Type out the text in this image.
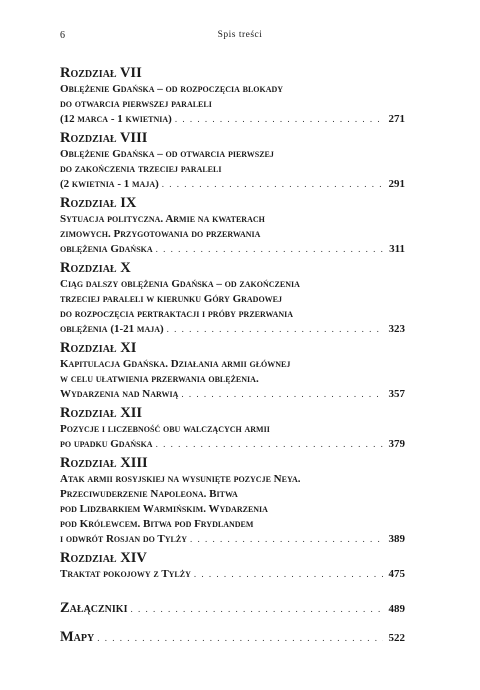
6	Spis treści
Rozdział VII
Oblężenie Gdańska – od rozpoczęcia blokady
do otwarcia pierwszej paraleli
(12 marca - 1 kwietnia) . . .	271
Rozdział VIII
Oblężenie Gdańska – od otwarcia pierwszej
do zakończenia trzeciej paraleli
(2 kwietnia - 1 maja) . . .	291
Rozdział IX
Sytuacja polityczna. Armie na kwaterach
zimowych. Przygotowania do przerwania
oblężenia Gdańska . . .	311
Rozdział X
Ciąg dalszy oblężenia Gdańska – od zakończenia
trzeciej paraleli w kierunku Góry Gradowej
do rozpoczęcia pertraktacji i próby przerwania
oblężenia (1-21 maja) . . .	323
Rozdział XI
Kapitulacja Gdańska. Działania armii głównej
w celu ułatwienia przerwania oblężenia.
Wydarzenia nad Narwią . . .	357
Rozdział XII
Pozycje i liczebność obu walczących armii
po upadku Gdańska . . .	379
Rozdział XIII
Atak armii rosyjskiej na wysunięte pozycje Neya.
Przeciwuderzenie Napoleona. Bitwa
pod Lidzbarkiem Warmińskim. Wydarzenia
pod Królewcem. Bitwa pod Frydlandem
i odwrót Rosjan do Tylży . . .	389
Rozdział XIV
Traktat pokojowy z Tylży . . .	475
Załączniki . . .	489
Mapy . . .	522
